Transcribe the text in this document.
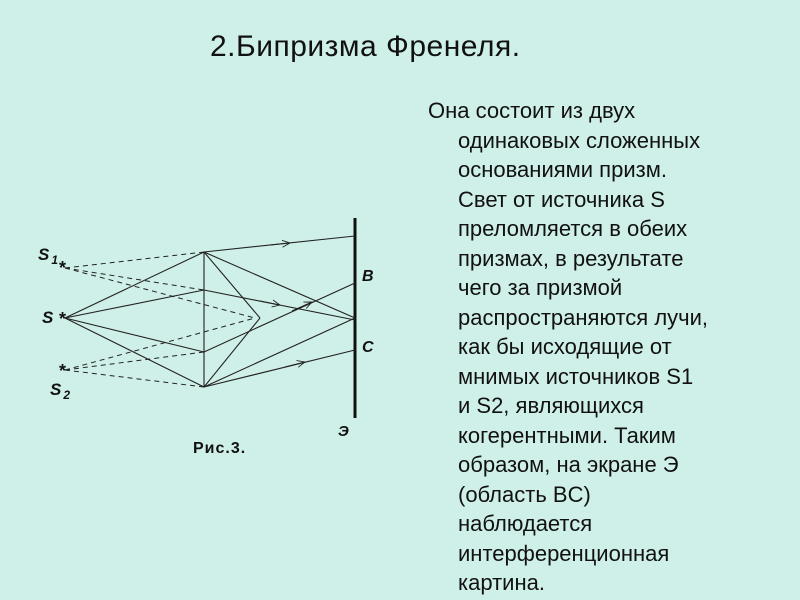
2.Бипризма Френеля.
*
*
*
S $_1$
S
S $_2$
B
C
Э
Рис.3.
Она состоит из двух
одинаковых сложенных
основаниями призм.
Свет от источника S
преломляется в обеих
призмах, в результате
чего за призмой
распространяются лучи,
как бы исходящие от
мнимых источников S1
и S2, являющихся
когерентными. Таким
образом, на экране Э
(область BC)
наблюдается
интерференционная
картина.
